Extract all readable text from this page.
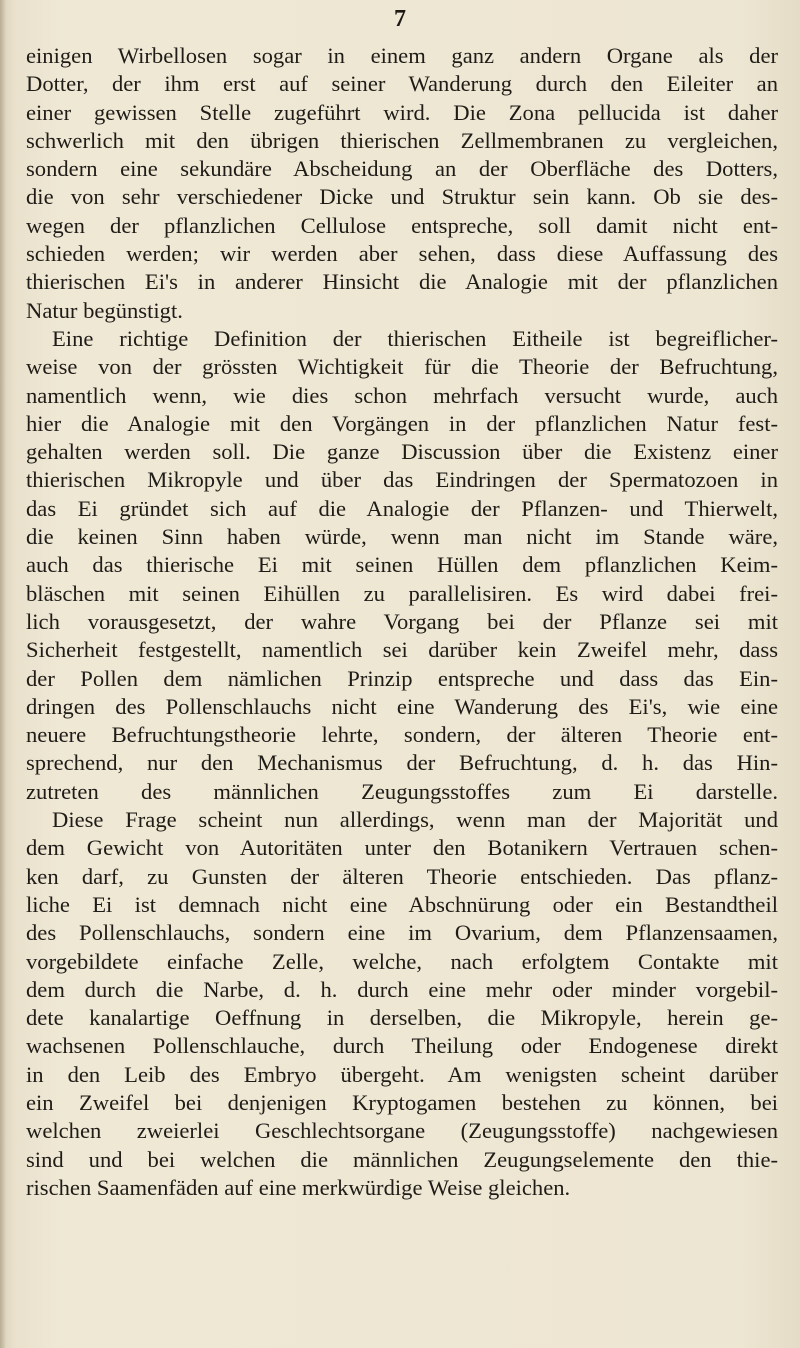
7
einigen Wirbellosen sogar in einem ganz andern Organe als der
Dotter, der ihm erst auf seiner Wanderung durch den Eileiter an
einer gewissen Stelle zugeführt wird. Die Zona pellucida ist daher
schwerlich mit den übrigen thierischen Zellmembranen zu vergleichen,
sondern eine sekundäre Abscheidung an der Oberfläche des Dotters,
die von sehr verschiedener Dicke und Struktur sein kann. Ob sie des-
wegen der pflanzlichen Cellulose entspreche, soll damit nicht ent-
schieden werden; wir werden aber sehen, dass diese Auffassung des
thierischen Ei's in anderer Hinsicht die Analogie mit der pflanzlichen
Natur begünstigt.
Eine richtige Definition der thierischen Eitheile ist begreiflicher-
weise von der grössten Wichtigkeit für die Theorie der Befruchtung,
namentlich wenn, wie dies schon mehrfach versucht wurde, auch
hier die Analogie mit den Vorgängen in der pflanzlichen Natur fest-
gehalten werden soll. Die ganze Discussion über die Existenz einer
thierischen Mikropyle und über das Eindringen der Spermatozoen in
das Ei gründet sich auf die Analogie der Pflanzen- und Thierwelt,
die keinen Sinn haben würde, wenn man nicht im Stande wäre,
auch das thierische Ei mit seinen Hüllen dem pflanzlichen Keim-
bläschen mit seinen Eihüllen zu parallelisiren. Es wird dabei frei-
lich vorausgesetzt, der wahre Vorgang bei der Pflanze sei mit
Sicherheit festgestellt, namentlich sei darüber kein Zweifel mehr, dass
der Pollen dem nämlichen Prinzip entspreche und dass das Ein-
dringen des Pollenschlauchs nicht eine Wanderung des Ei's, wie eine
neuere Befruchtungstheorie lehrte, sondern, der älteren Theorie ent-
sprechend, nur den Mechanismus der Befruchtung, d. h. das Hin-
zutreten des männlichen Zeugungsstoffes zum Ei darstelle.
Diese Frage scheint nun allerdings, wenn man der Majorität und
dem Gewicht von Autoritäten unter den Botanikern Vertrauen schen-
ken darf, zu Gunsten der älteren Theorie entschieden. Das pflanz-
liche Ei ist demnach nicht eine Abschnürung oder ein Bestandtheil
des Pollenschlauchs, sondern eine im Ovarium, dem Pflanzensaamen,
vorgebildete einfache Zelle, welche, nach erfolgtem Contakte mit
dem durch die Narbe, d. h. durch eine mehr oder minder vorgebil-
dete kanalartige Oeffnung in derselben, die Mikropyle, herein ge-
wachsenen Pollenschlauche, durch Theilung oder Endogenese direkt
in den Leib des Embryo übergeht. Am wenigsten scheint darüber
ein Zweifel bei denjenigen Kryptogamen bestehen zu können, bei
welchen zweierlei Geschlechtsorgane (Zeugungsstoffe) nachgewiesen
sind und bei welchen die männlichen Zeugungselemente den thie-
rischen Saamenfäden auf eine merkwürdige Weise gleichen.
